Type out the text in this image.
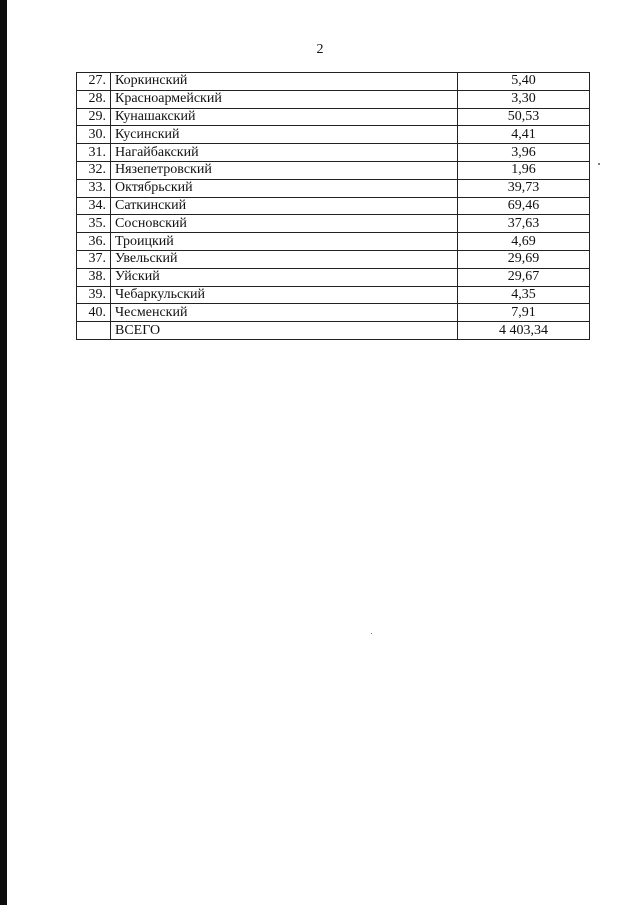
2
27.	Коркинский	5,40
28.	Красноармейский	3,30
29.	Кунашакский	50,53
30.	Кусинский	4,41
31.	Нагайбакский	3,96
32.	Нязепетровский	1,96
33.	Октябрьский	39,73
34.	Саткинский	69,46
35.	Сосновский	37,63
36.	Троицкий	4,69
37.	Увельский	29,69
38.	Уйский	29,67
39.	Чебаркульский	4,35
40.	Чесменский	7,91
	ВСЕГО	4 403,34
